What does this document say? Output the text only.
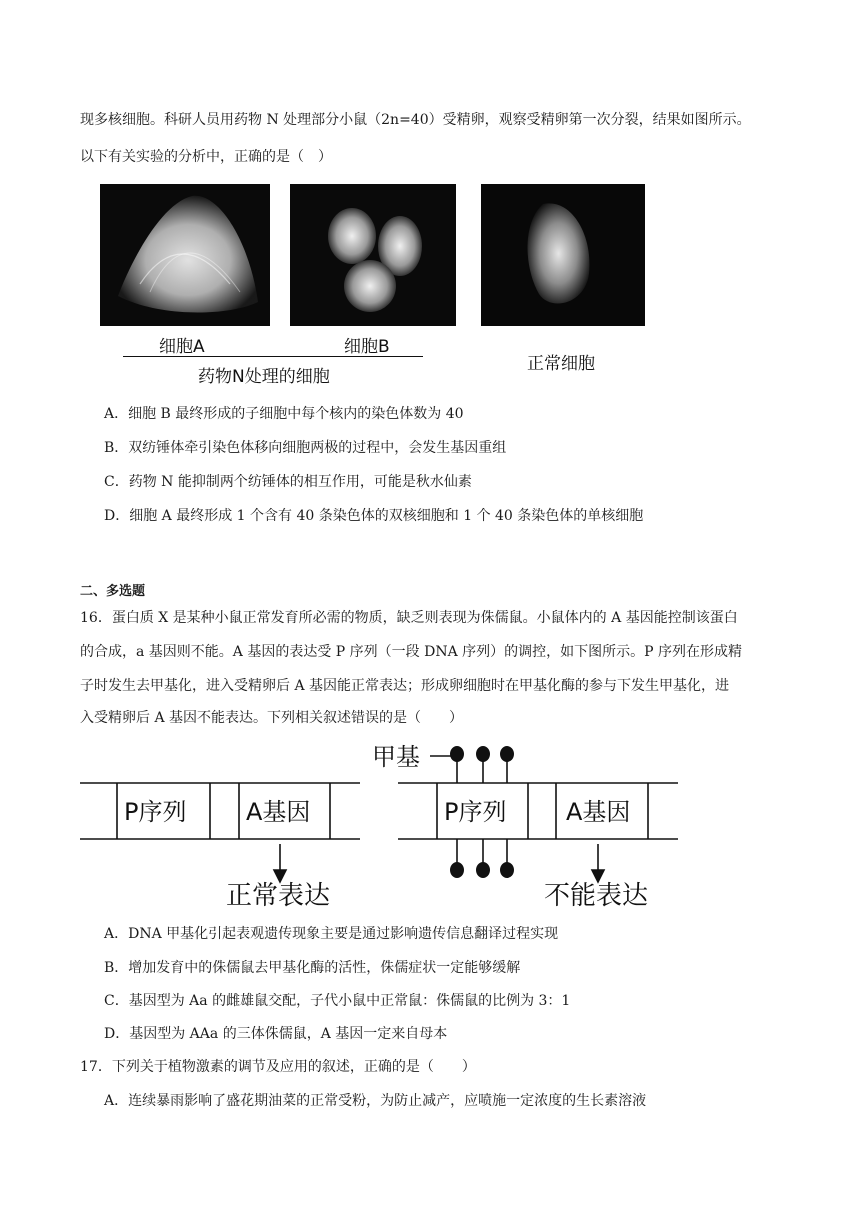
现多核细胞。科研人员用药物 N 处理部分小鼠（2n=40）受精卵，观察受精卵第一次分裂，结果如图所示。
以下有关实验的分析中，正确的是（　）
细胞A	细胞B
药物N处理的细胞
正常细胞
A．细胞 B 最终形成的子细胞中每个核内的染色体数为 40
B．双纺锤体牵引染色体移向细胞两极的过程中，会发生基因重组
C．药物 N 能抑制两个纺锤体的相互作用，可能是秋水仙素
D．细胞 A 最终形成 1 个含有 40 条染色体的双核细胞和 1 个 40 条染色体的单核细胞
二、多选题
16．蛋白质 X 是某种小鼠正常发育所必需的物质，缺乏则表现为侏儒鼠。小鼠体内的 A 基因能控制该蛋白
的合成，a 基因则不能。A 基因的表达受 P 序列（一段 DNA 序列）的调控，如下图所示。P 序列在形成精
子时发生去甲基化，进入受精卵后 A 基因能正常表达；形成卵细胞时在甲基化酶的参与下发生甲基化，进
入受精卵后 A 基因不能表达。下列相关叙述错误的是（　　）
P序列 A基因	P序列 A基因
甲基
正常表达	不能表达
A．DNA 甲基化引起表观遗传现象主要是通过影响遗传信息翻译过程实现
B．增加发育中的侏儒鼠去甲基化酶的活性，侏儒症状一定能够缓解
C．基因型为 Aa 的雌雄鼠交配，子代小鼠中正常鼠：侏儒鼠的比例为 3：1
D．基因型为 AAa 的三体侏儒鼠，A 基因一定来自母本
17．下列关于植物激素的调节及应用的叙述，正确的是（　　）
A．连续暴雨影响了盛花期油菜的正常受粉，为防止减产，应喷施一定浓度的生长素溶液
